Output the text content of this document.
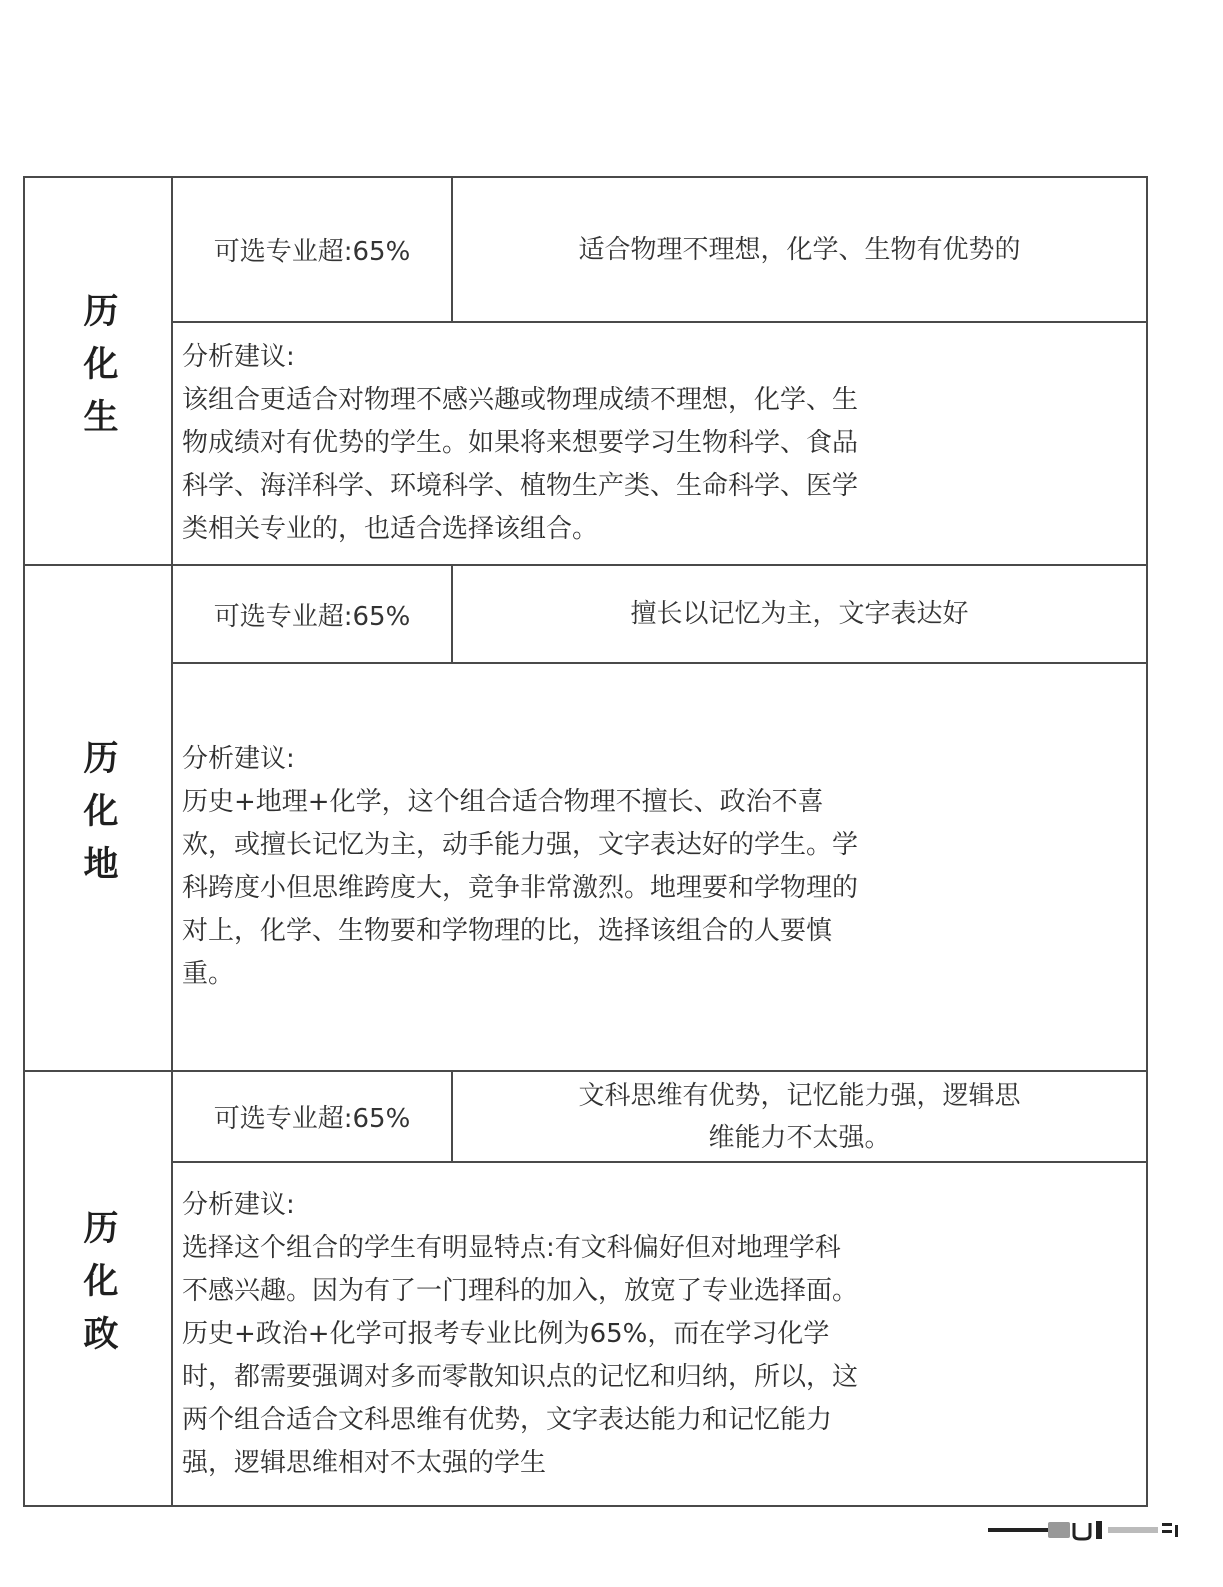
历化生
可选专业超:65%	适合物理不理想，化学、生物有优势的
分析建议:
该组合更适合对物理不感兴趣或物理成绩不理想，化学、生
物成绩对有优势的学生。如果将来想要学习生物科学、食品
科学、海洋科学、环境科学、植物生产类、生命科学、医学
类相关专业的，也适合选择该组合。
历化地
可选专业超:65%	擅长以记忆为主，文字表达好
分析建议:
历史+地理+化学，这个组合适合物理不擅长、政治不喜
欢，或擅长记忆为主，动手能力强，文字表达好的学生。学
科跨度小但思维跨度大，竞争非常激烈。地理要和学物理的
对上，化学、生物要和学物理的比，选择该组合的人要慎
重。
历化政
可选专业超:65%
文科思维有优势，记忆能力强，逻辑思
维能力不太强。
分析建议:
选择这个组合的学生有明显特点:有文科偏好但对地理学科
不感兴趣。因为有了一门理科的加入，放宽了专业选择面。
历史+政治+化学可报考专业比例为65%，而在学习化学
时，都需要强调对多而零散知识点的记忆和归纳，所以，这
两个组合适合文科思维有优势，文字表达能力和记忆能力
强，逻辑思维相对不太强的学生
